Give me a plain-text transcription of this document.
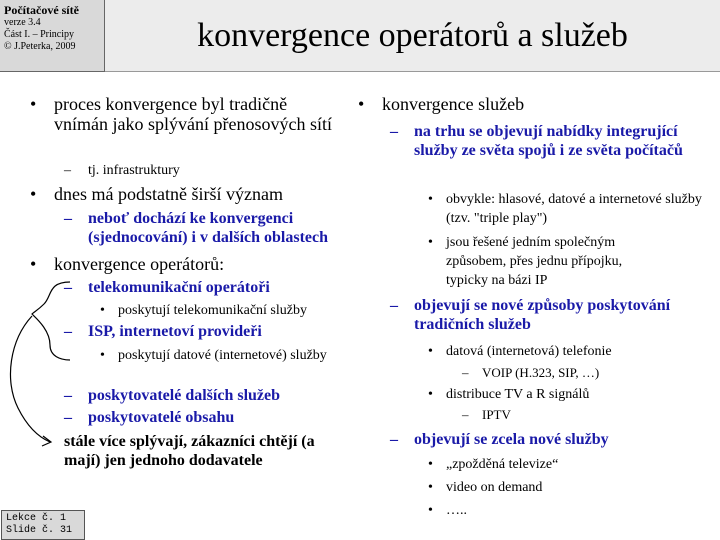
Počítačové sítě
verze 3.4
Část I. – Principy
© J.Peterka, 2009	konvergence operátorů a služeb
• proces konvergence byl tradičně vnímán jako splývání přenosových sítí
– tj. infrastruktury
• dnes má podstatně širší význam
– neboť dochází ke konvergenci (sjednocování) i v dalších oblastech
• konvergence operátorů:
– telekomunikační operátoři
• poskytují telekomunikační služby
– ISP, internetoví provideři
• poskytují datové (internetové) služby
– poskytovatelé dalších služeb
– poskytovatelé obsahu
stále více splývají, zákazníci chtějí (a mají) jen jednoho dodavatele
• konvergence služeb
– na trhu se objevují nabídky integrující služby ze světa spojů i ze světa počítačů
• obvykle: hlasové, datové a internetové služby (tzv. "triple play")
• jsou řešené jedním společným způsobem, přes jednu přípojku, typicky na bázi IP
– objevují se nové způsoby poskytování tradičních služeb
• datová (internetová) telefonie
– VOIP (H.323, SIP, …)
• distribuce TV a R signálů
– IPTV
– objevují se zcela nové služby
• „zpožděná televize“
• video on demand
• …..
Lekce č. 1
Slide č. 31
